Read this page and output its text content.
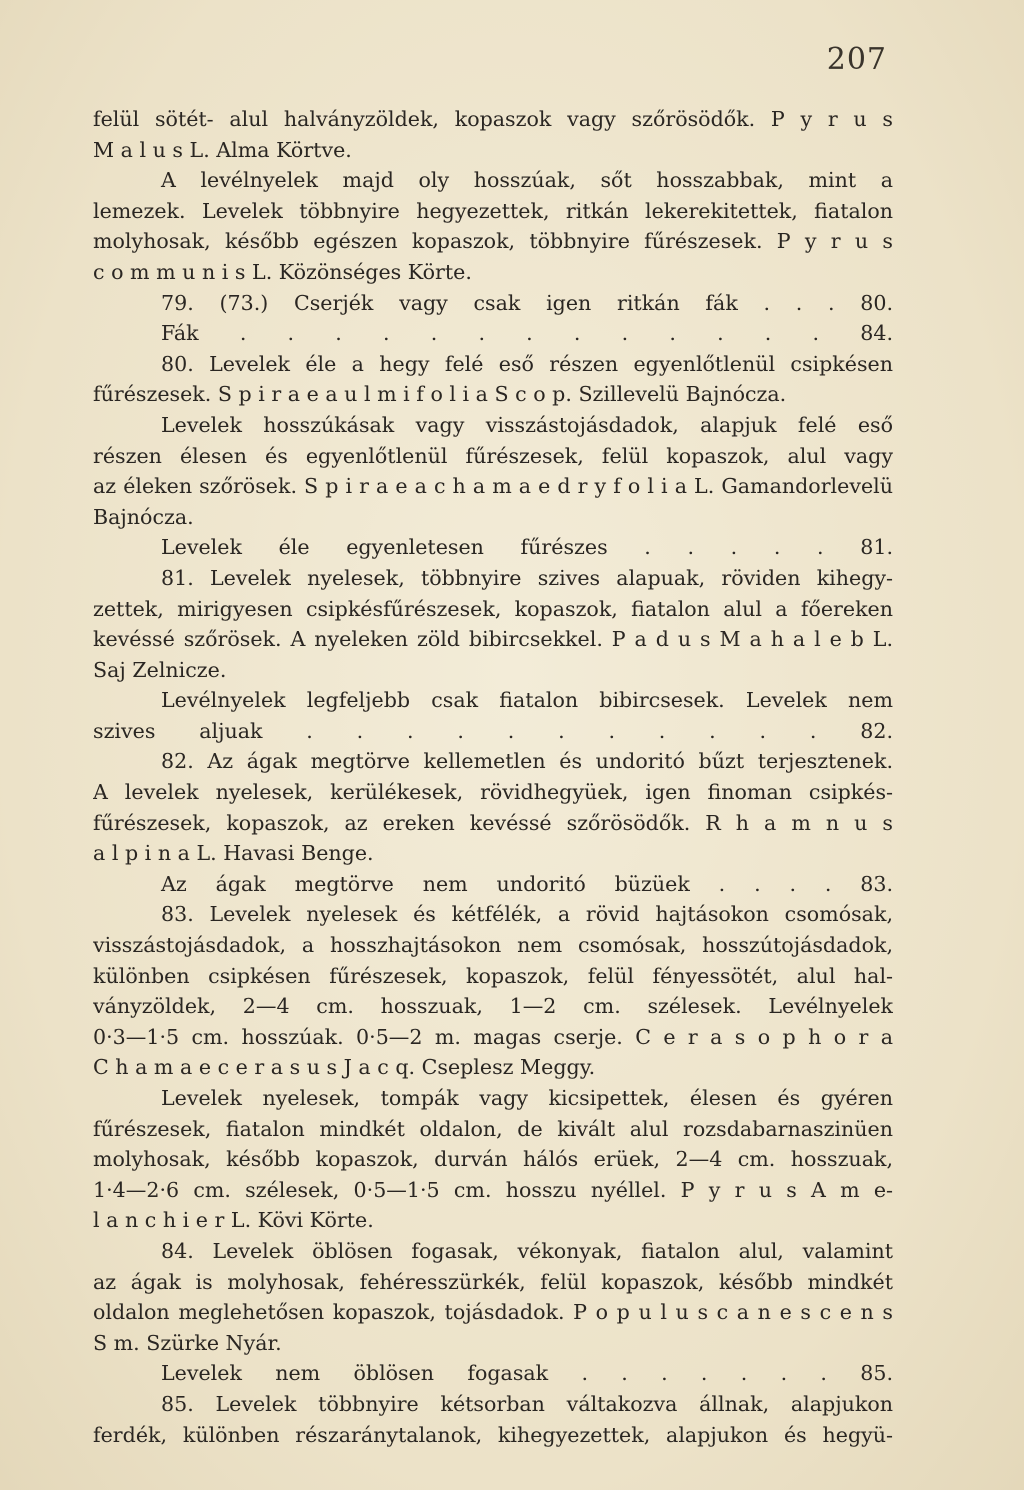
207
felül sötét- alul halványzöldek, kopaszok vagy szőrösödők. P y r u s
M a l u s L. Alma Körtve.
A levélnyelek majd oly hosszúak, sőt hosszabbak, mint a
lemezek. Levelek többnyire hegyezettek, ritkán lekerekitettek, fiatalon
molyhosak, később egészen kopaszok, többnyire fűrészesek. P y r u s
c o m m u n i s L. Közönséges Körte.
79. (73.) Cserjék vagy csak igen ritkán fák . . . 80.
Fák . . . . . . . . . . . . . 84.
80. Levelek éle a hegy felé eső részen egyenlőtlenül csipkésen
fűrészesek. S p i r a e a u l m i f o l i a S c o p. Szillevelü Bajnócza.
Levelek hosszúkásak vagy visszástojásdadok, alapjuk felé eső
részen élesen és egyenlőtlenül fűrészesek, felül kopaszok, alul vagy
az éleken szőrösek. S p i r a e a c h a m a e d r y f o l i a L. Gamandorlevelü
Bajnócza.
Levelek éle egyenletesen fűrészes . . . . . 81.
81. Levelek nyelesek, többnyire szives alapuak, röviden kihegy-
zettek, mirigyesen csipkésfűrészesek, kopaszok, fiatalon alul a főereken
kevéssé szőrösek. A nyeleken zöld bibircsekkel. P a d u s M a h a l e b L.
Saj Zelnicze.
Levélnyelek legfeljebb csak fiatalon bibircsesek. Levelek nem
szives aljuak . . . . . . . . . . . 82.
82. Az ágak megtörve kellemetlen és undoritó bűzt terjesztenek.
A levelek nyelesek, kerülékesek, rövidhegyüek, igen finoman csipkés-
fűrészesek, kopaszok, az ereken kevéssé szőrösödők. R h a m n u s
a l p i n a L. Havasi Benge.
Az ágak megtörve nem undoritó büzüek . . . . 83.
83. Levelek nyelesek és kétfélék, a rövid hajtásokon csomósak,
visszástojásdadok, a hosszhajtásokon nem csomósak, hosszútojásdadok,
különben csipkésen fűrészesek, kopaszok, felül fényessötét, alul hal-
ványzöldek, 2—4 cm. hosszuak, 1—2 cm. szélesek. Levélnyelek
0·3—1·5 cm. hosszúak. 0·5—2 m. magas cserje. C e r a s o p h o r a
C h a m a e c e r a s u s J a c q. Cseplesz Meggy.
Levelek nyelesek, tompák vagy kicsipettek, élesen és gyéren
fűrészesek, fiatalon mindkét oldalon, de kivált alul rozsdabarnaszinüen
molyhosak, később kopaszok, durván hálós erüek, 2—4 cm. hosszuak,
1·4—2·6 cm. szélesek, 0·5—1·5 cm. hosszu nyéllel. P y r u s A m e-
l a n c h i e r L. Kövi Körte.
84. Levelek öblösen fogasak, vékonyak, fiatalon alul, valamint
az ágak is molyhosak, fehéresszürkék, felül kopaszok, később mindkét
oldalon meglehetősen kopaszok, tojásdadok. P o p u l u s c a n e s c e n s
S m. Szürke Nyár.
Levelek nem öblösen fogasak . . . . . . . 85.
85. Levelek többnyire kétsorban váltakozva állnak, alapjukon
ferdék, különben részaránytalanok, kihegyezettek, alapjukon és hegyü-
